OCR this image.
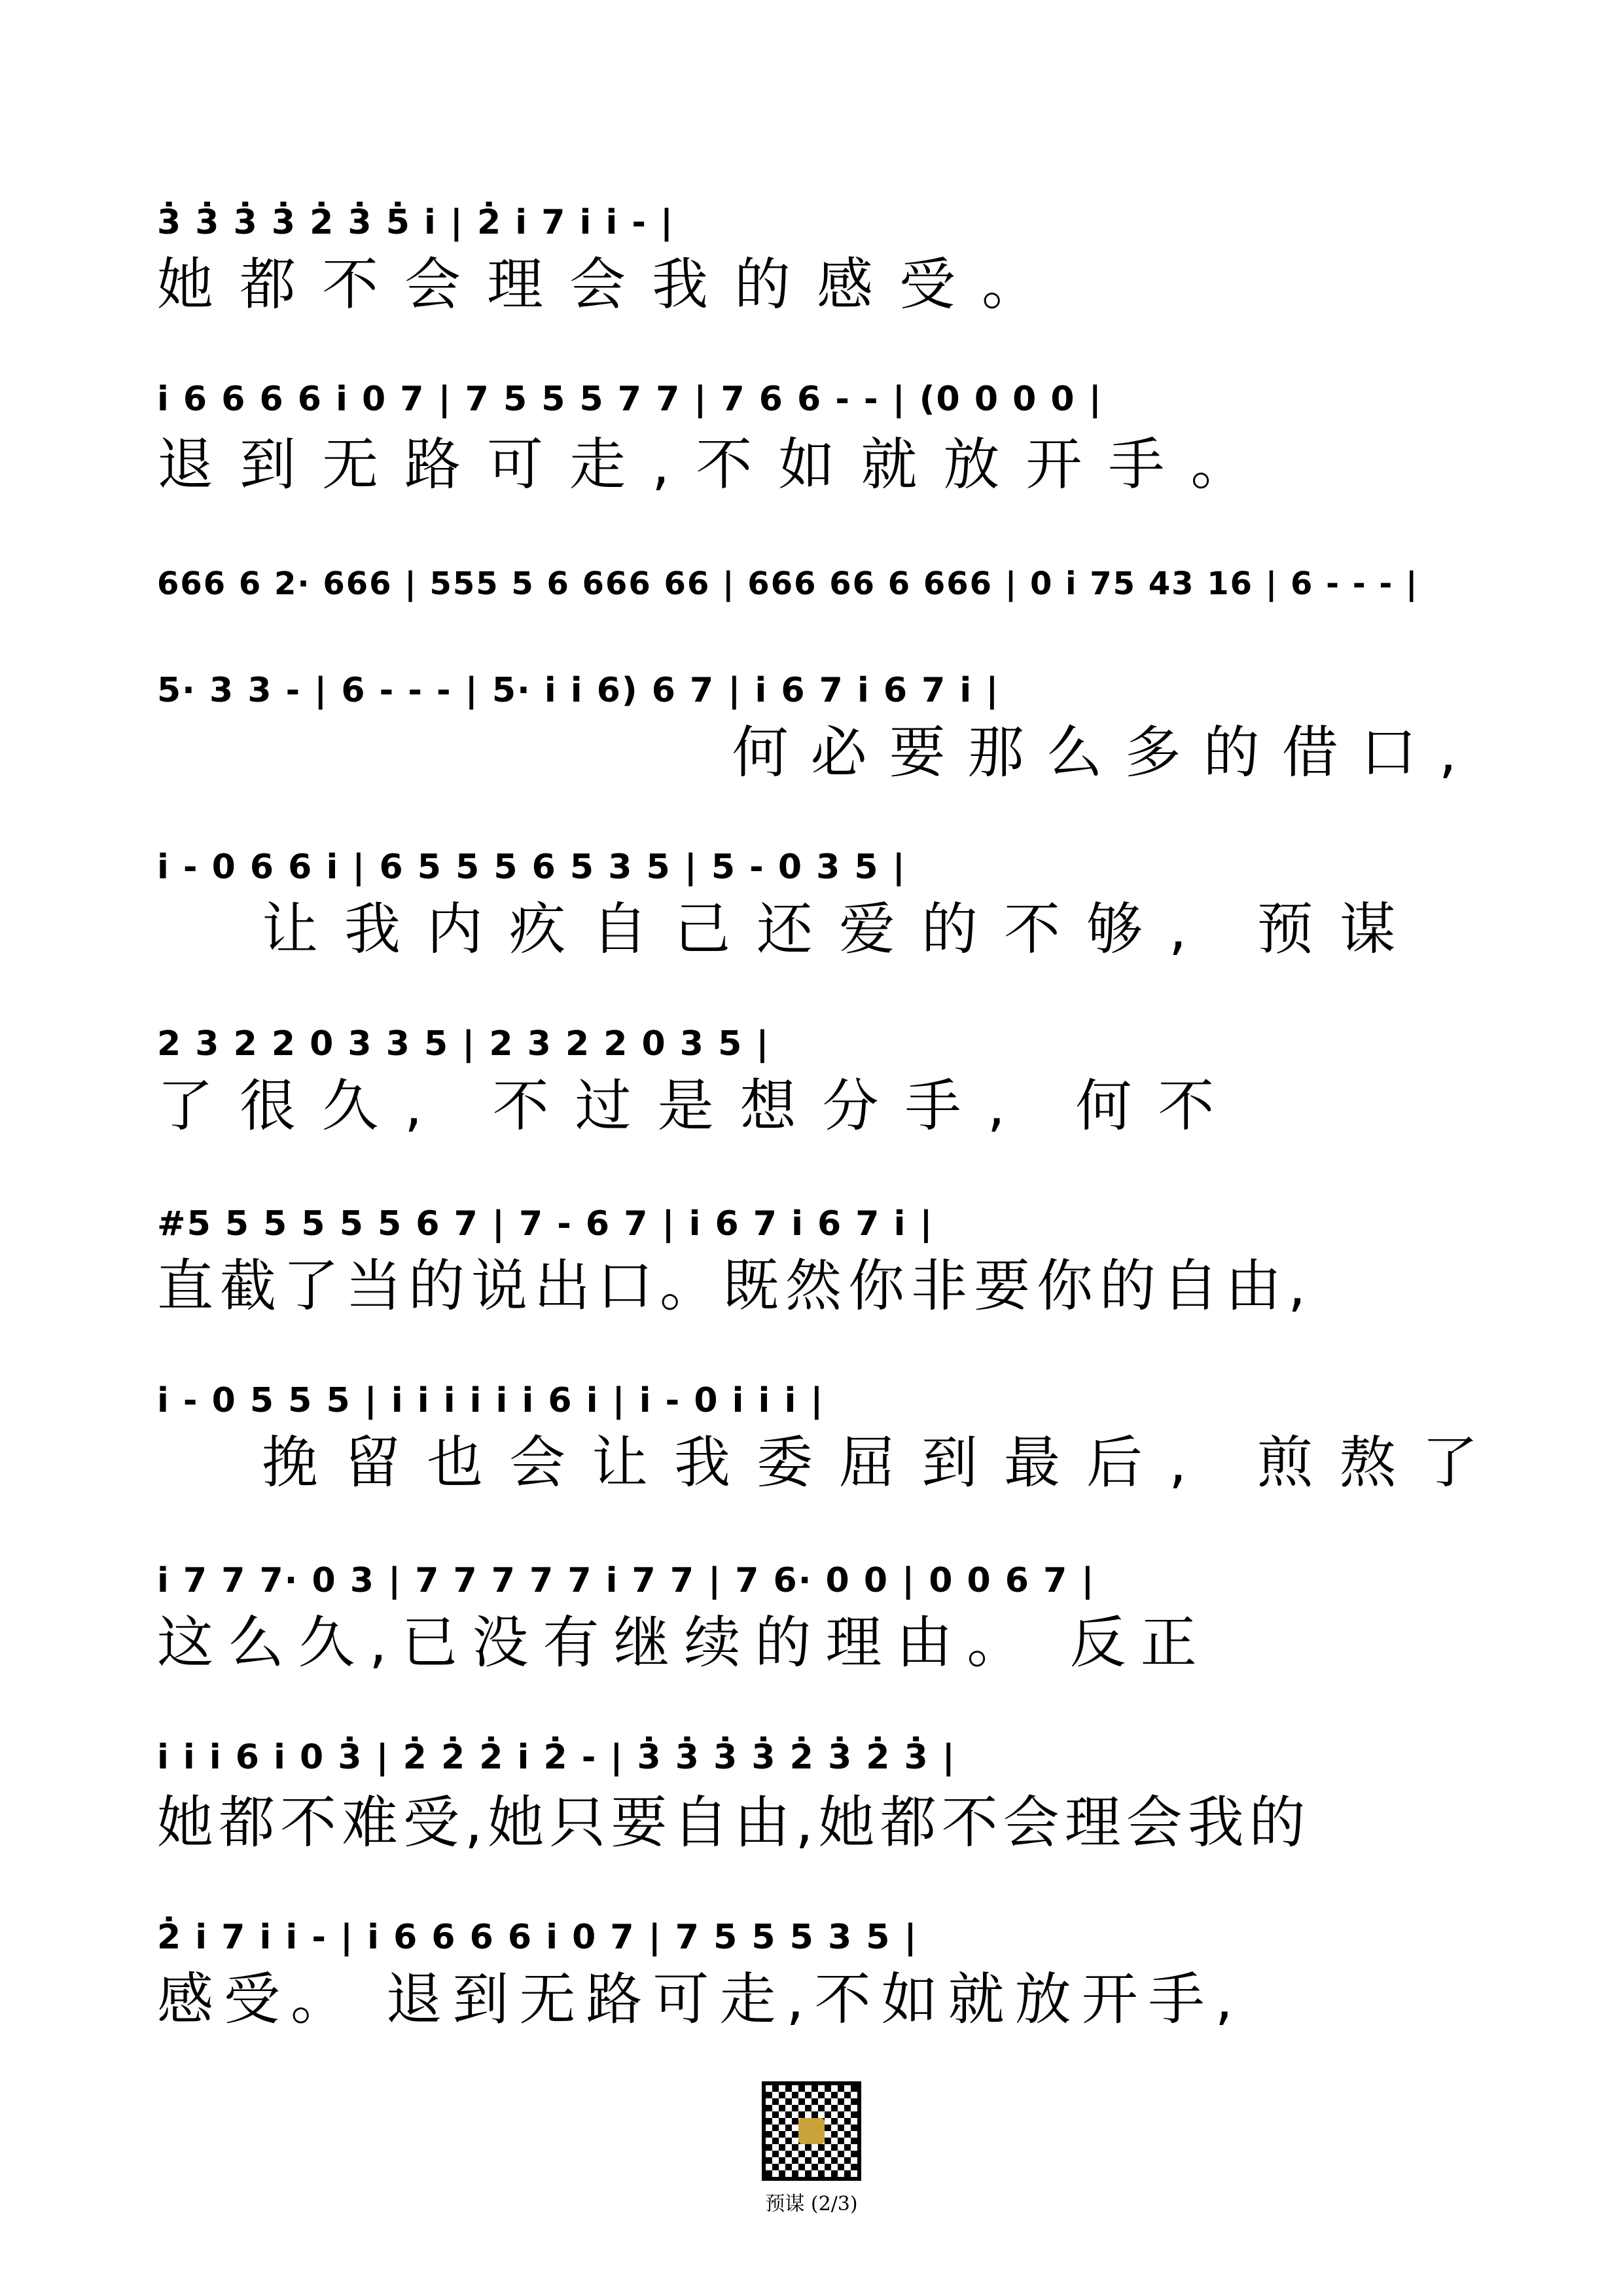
3̇ 3̇ 3̇ 3̇ 2̇ 3̇ 5̇ i̇ | 2̇ i̇ 7 i̇ i̇ - |
她都不会理会我的感受。
i̇ 6 6 6 6 i̇ 0 7 | 7 5 5 5 7 7 | 7 6 6 - - | (0 0 0 0 |
退到无路可走,不如就放开手。
666 6 2· 666 | 555 5 6 666 66 | 666 66 6 666 | 0 i̇ 75 43 16 | 6 - - - |
5· 3 3 - | 6 - - - | 5· i̇ i̇ 6) 6 7 | i̇ 6 7 i̇ 6 7 i̇ |
何必要那么多的借口,
i̇ - 0 6 6 i̇ | 6 5 5 5 6 5 3 5 | 5 - 0 3 5 |
让我内疚自己还爱的不够, 预谋
2 3 2 2 0 3 3 5 | 2 3 2 2 0 3 5 |
了很久, 不过是想分手, 何不
#5 5 5 5 5 5 6 7 | 7 - 6 7 | i̇ 6 7 i̇ 6 7 i̇ |
直截了当的说出口。既然你非要你的自由,
i̇ - 0 5 5 5 | i̇ i̇ i̇ i̇ i̇ i̇ 6 i̇ | i̇ - 0 i̇ i̇ i̇ |
挽留也会让我委屈到最后, 煎熬了
i̇ 7 7 7· 0 3 | 7 7 7 7 7 i̇ 7 7 | 7 6· 0 0 | 0 0 6 7 |
这么久,已没有继续的理由。 反正
i̇ i̇ i̇ 6 i̇ 0 3̇ | 2̇ 2̇ 2̇ i̇ 2̇ - | 3̇ 3̇ 3̇ 3̇ 2̇ 3̇ 2̇ 3̇ |
她都不难受,她只要自由,她都不会理会我的
2̇ i̇ 7 i̇ i̇ - | i̇ 6 6 6 6 i̇ 0 7 | 7 5 5 5 3 5 |
感受。 退到无路可走,不如就放开手,
预谋 (2/3)
